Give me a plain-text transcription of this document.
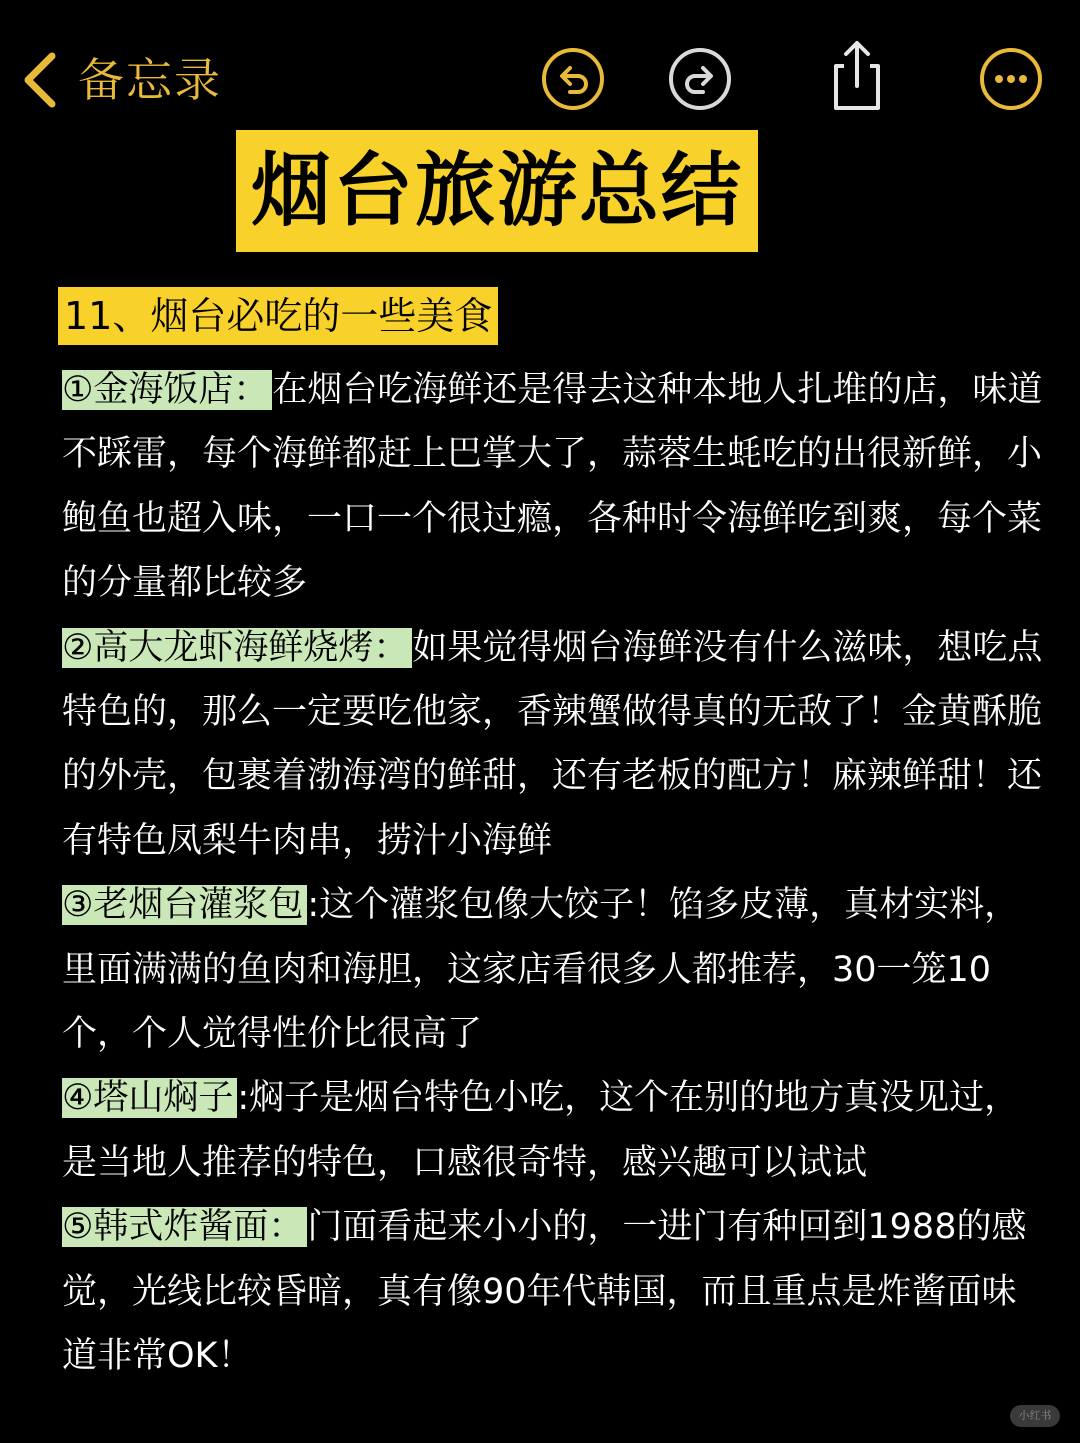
备忘录
烟台旅游总结
11、烟台必吃的一些美食

①金海饭店： 在烟台吃海鲜还是得去这种本地人扎堆的店，味道不踩雷，每个海鲜都赶上巴掌大了，蒜蓉生蚝吃的出很新鲜，小鲍鱼也超入味，一口一个很过瘾，各种时令海鲜吃到爽，每个菜的分量都比较多

②高大龙虾海鲜烧烤： 如果觉得烟台海鲜没有什么滋味，想吃点特色的，那么一定要吃他家，香辣蟹做得真的无敌了！金黄酥脆的外壳，包裹着渤海湾的鲜甜，还有老板的配方！麻辣鲜甜！还有特色凤梨牛肉串，捞汁小海鲜

③老烟台灌浆包 :这个灌浆包像大饺子！馅多皮薄，真材实料，里面满满的鱼肉和海胆，这家店看很多人都推荐，30一笼10个，个人觉得性价比很高了

④塔山焖子 :焖子是烟台特色小吃，这个在别的地方真没见过，是当地人推荐的特色，口感很奇特，感兴趣可以试试

⑤韩式炸酱面： 门面看起来小小的，一进门有种回到1988的感觉，光线比较昏暗，真有像90年代韩国，而且重点是炸酱面味道非常OK！

小红书
